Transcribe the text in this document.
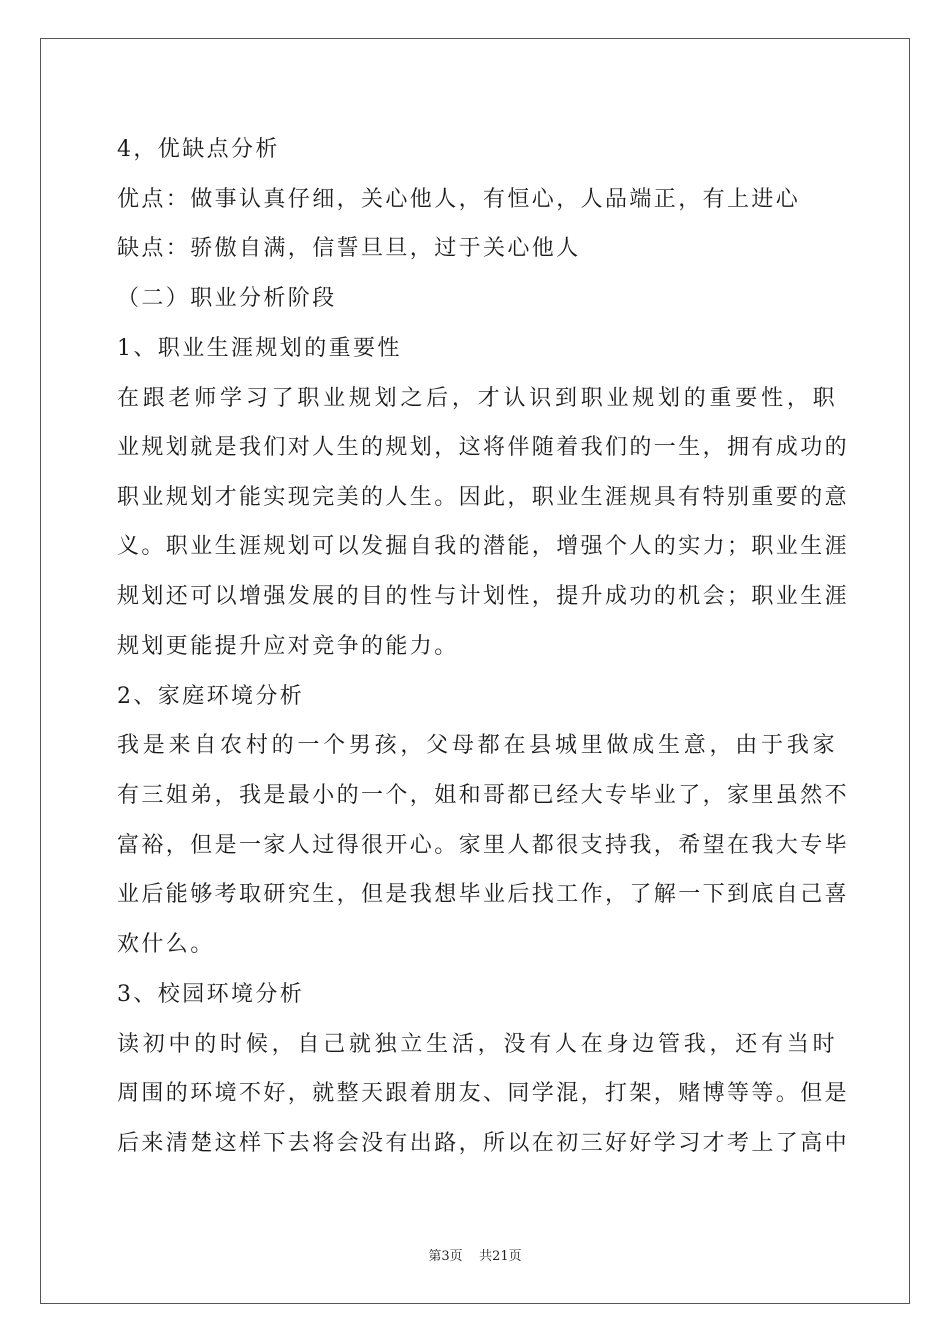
4，优缺点分析
优点：做事认真仔细，关心他人，有恒心，人品端正，有上进心
缺点：骄傲自满，信誓旦旦，过于关心他人
（二）职业分析阶段
1、职业生涯规划的重要性
在跟老师学习了职业规划之后，才认识到职业规划的重要性，职
业规划就是我们对人生的规划，这将伴随着我们的一生，拥有成功的
职业规划才能实现完美的人生。因此，职业生涯规具有特别重要的意
义。职业生涯规划可以发掘自我的潜能，增强个人的实力；职业生涯
规划还可以增强发展的目的性与计划性，提升成功的机会；职业生涯
规划更能提升应对竞争的能力。
2、家庭环境分析
我是来自农村的一个男孩，父母都在县城里做成生意，由于我家
有三姐弟，我是最小的一个，姐和哥都已经大专毕业了，家里虽然不
富裕，但是一家人过得很开心。家里人都很支持我，希望在我大专毕
业后能够考取研究生，但是我想毕业后找工作，了解一下到底自己喜
欢什么。
3、校园环境分析
读初中的时候，自己就独立生活，没有人在身边管我，还有当时
周围的环境不好，就整天跟着朋友、同学混，打架，赌博等等。但是
后来清楚这样下去将会没有出路，所以在初三好好学习才考上了高中
第3页    共21页
